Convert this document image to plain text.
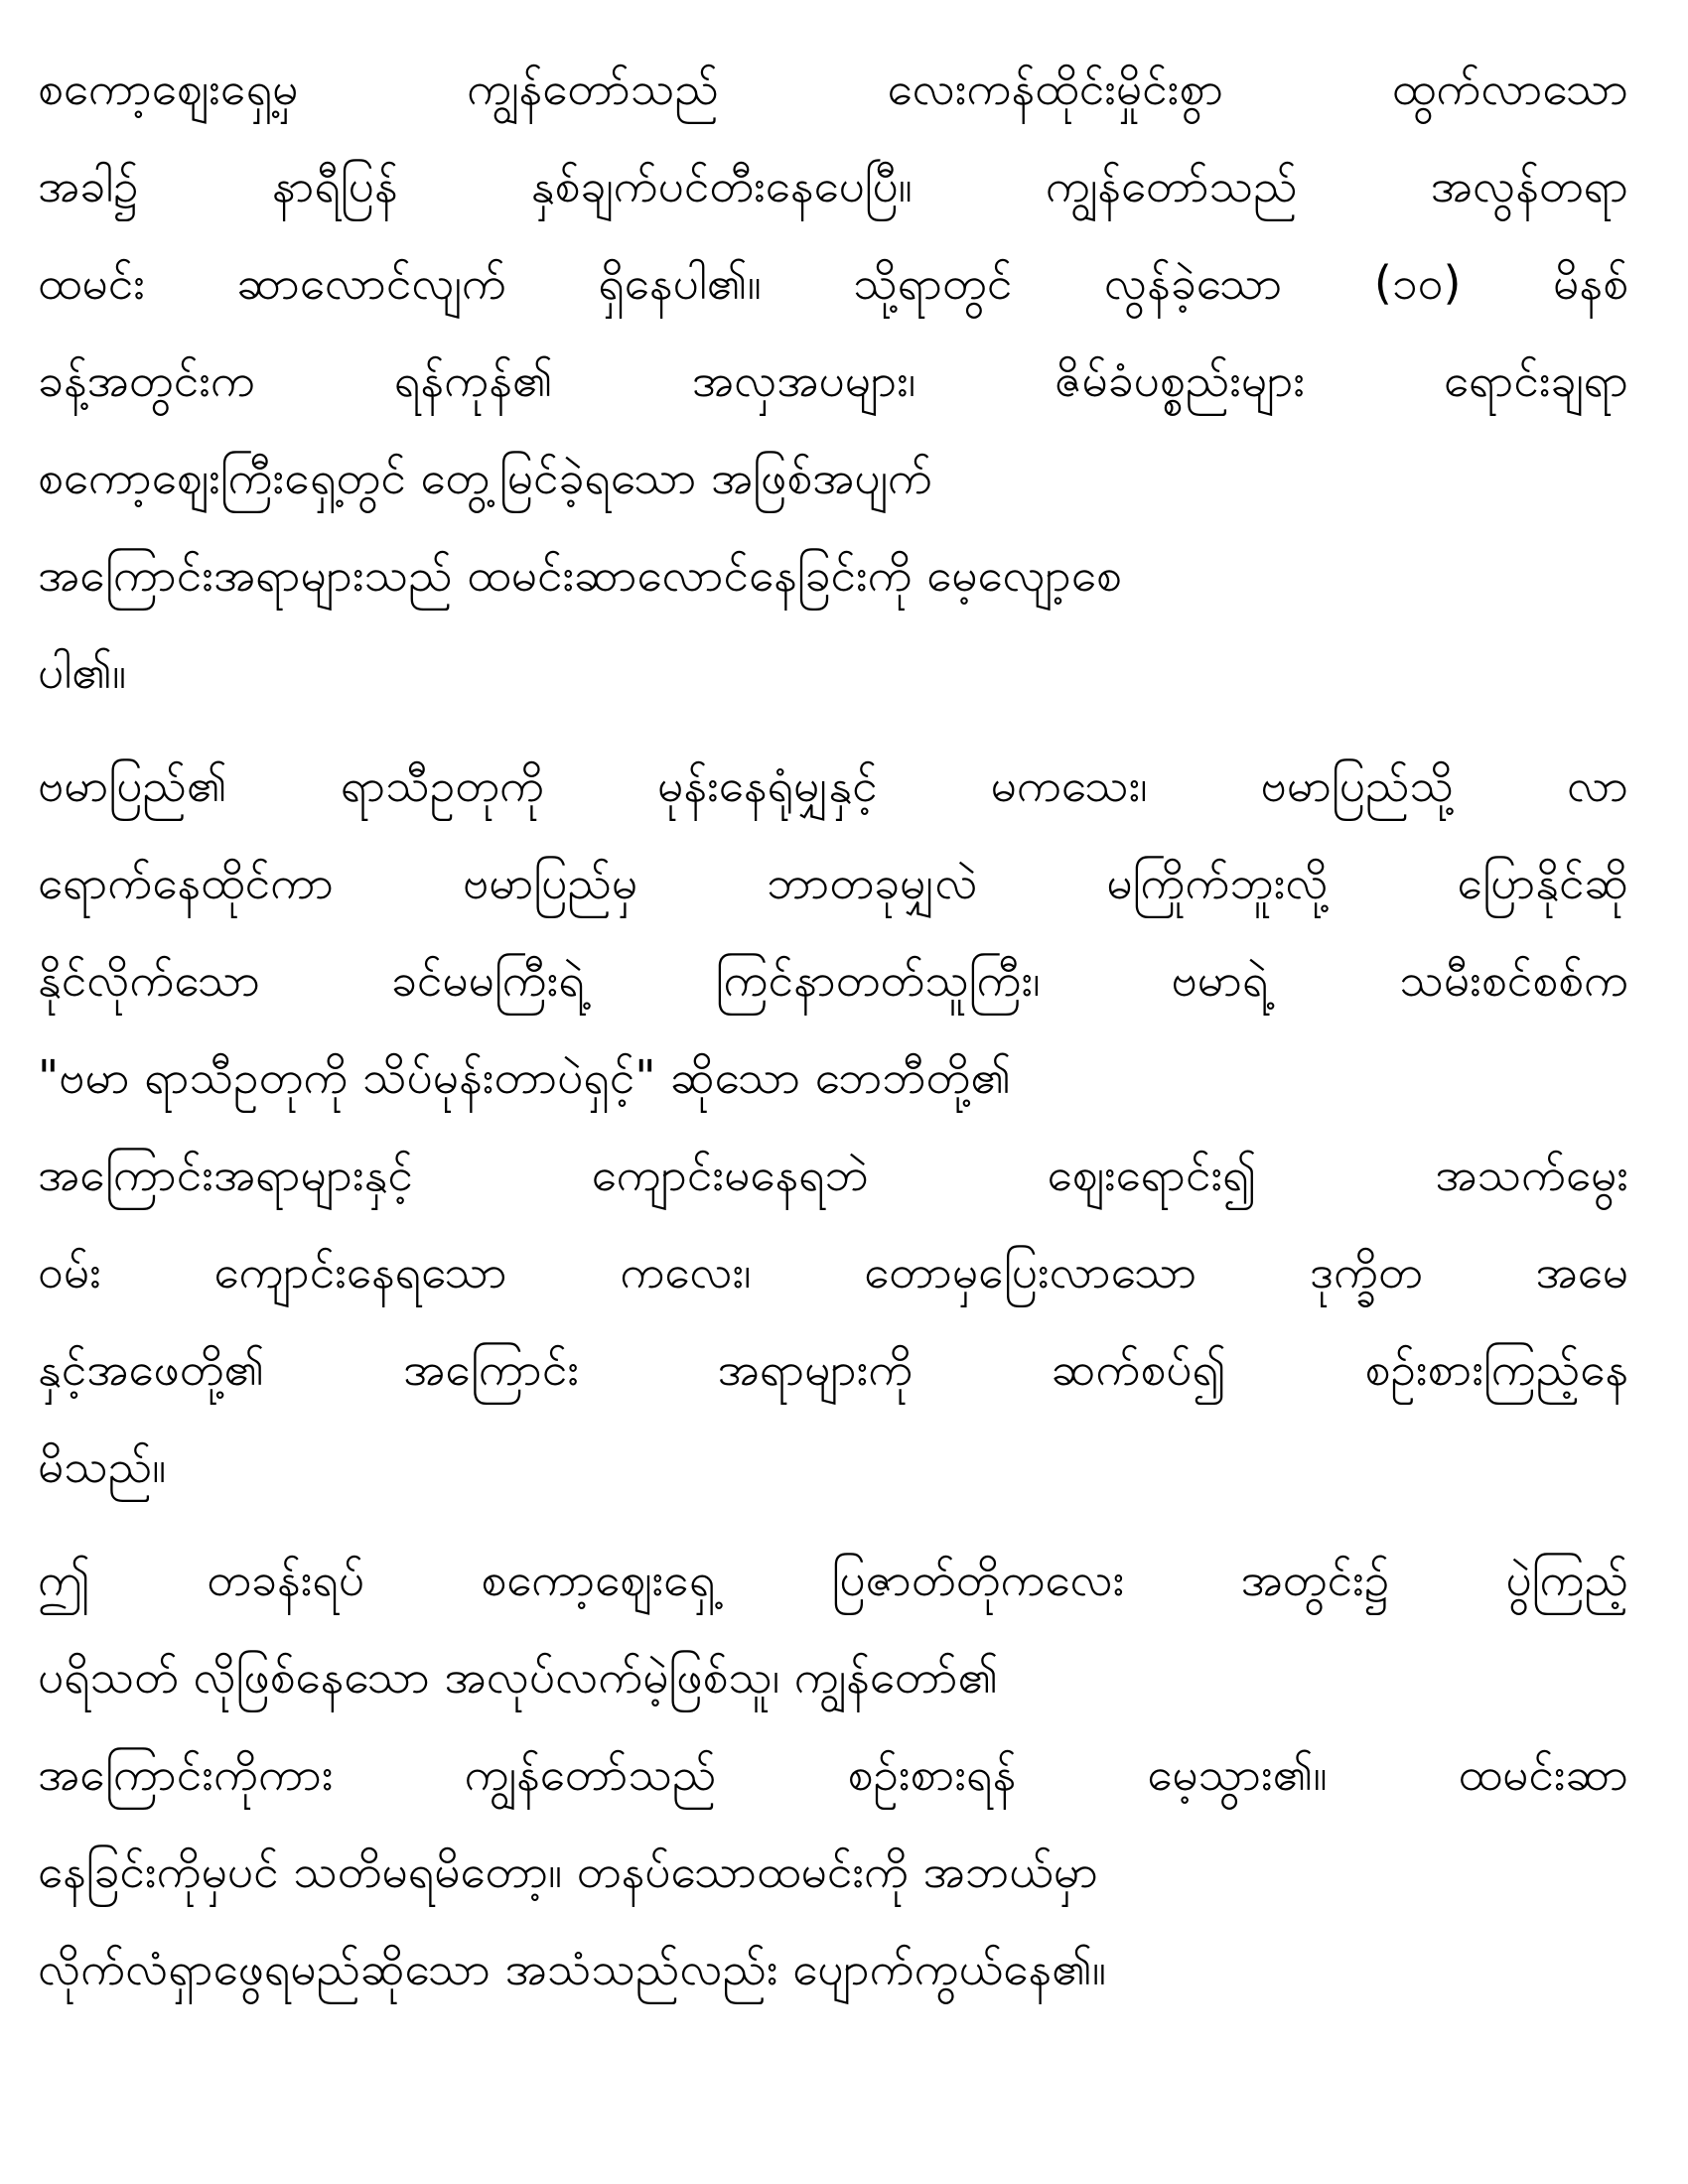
စကော့ဈေးရှေ့မှ ကျွန်တော်သည် လေးကန်ထိုင်းမှိုင်းစွာ ထွက်လာသော
အခါ၌ နာရီပြန် နှစ်ချက်ပင်တီးနေပေပြီ။ ကျွန်တော်သည် အလွန်တရာ
ထမင်း ဆာလောင်လျက် ရှိနေပါ၏။ သို့ရာတွင် လွန်ခဲ့သော (၁၀) မိနစ်
ခန့်အတွင်းက ရန်ကုန်၏ အလှအပများ၊ ဇိမ်ခံပစ္စည်းများ ရောင်းချရာ
စကော့ဈေးကြီးရှေ့တွင် တွေ့မြင်ခဲ့ရသော အဖြစ်အပျက်
အကြောင်းအရာများသည် ထမင်းဆာလောင်နေခြင်းကို မေ့လျော့စေ
ပါ၏။
ဗမာပြည်၏ ရာသီဥတုကို မုန်းနေရုံမျှနှင့် မကသေး၊ ဗမာပြည်သို့ လာ
ရောက်နေထိုင်ကာ ဗမာပြည်မှ ဘာတခုမျှလဲ မကြိုက်ဘူးလို့ ပြောနိုင်ဆို
နိုင်လိုက်သော ခင်မမကြီးရဲ့ ကြင်နာတတ်သူကြီး၊ ဗမာရဲ့ သမီးစင်စစ်က
"ဗမာ ရာသီဥတုကို သိပ်မုန်းတာပဲရှင့်" ဆိုသော ဘေဘီတို့၏
အကြောင်းအရာများနှင့် ကျောင်းမနေရဘဲ ဈေးရောင်း၍ အသက်မွေး
ဝမ်း ကျောင်းနေရသော ကလေး၊ တောမှပြေးလာသော ဒုက္ခိတ အမေ
နှင့်အဖေတို့၏ အကြောင်း အရာများကို ဆက်စပ်၍ စဉ်းစားကြည့်နေ
မိသည်။
ဤ တခန်းရပ် စကော့ဈေးရှေ့ ပြဇာတ်တိုကလေး အတွင်း၌ ပွဲကြည့်
ပရိသတ် လိုဖြစ်နေသော အလုပ်လက်မဲ့ဖြစ်သူ၊ ကျွန်တော်၏
အကြောင်းကိုကား ကျွန်တော်သည် စဉ်းစားရန် မေ့သွား၏။ ထမင်းဆာ
နေခြင်းကိုမှပင် သတိမရမိတော့။ တနပ်သောထမင်းကို အဘယ်မှာ
လိုက်လံရှာဖွေရမည်ဆိုသော အသံသည်လည်း ပျောက်ကွယ်နေ၏။
